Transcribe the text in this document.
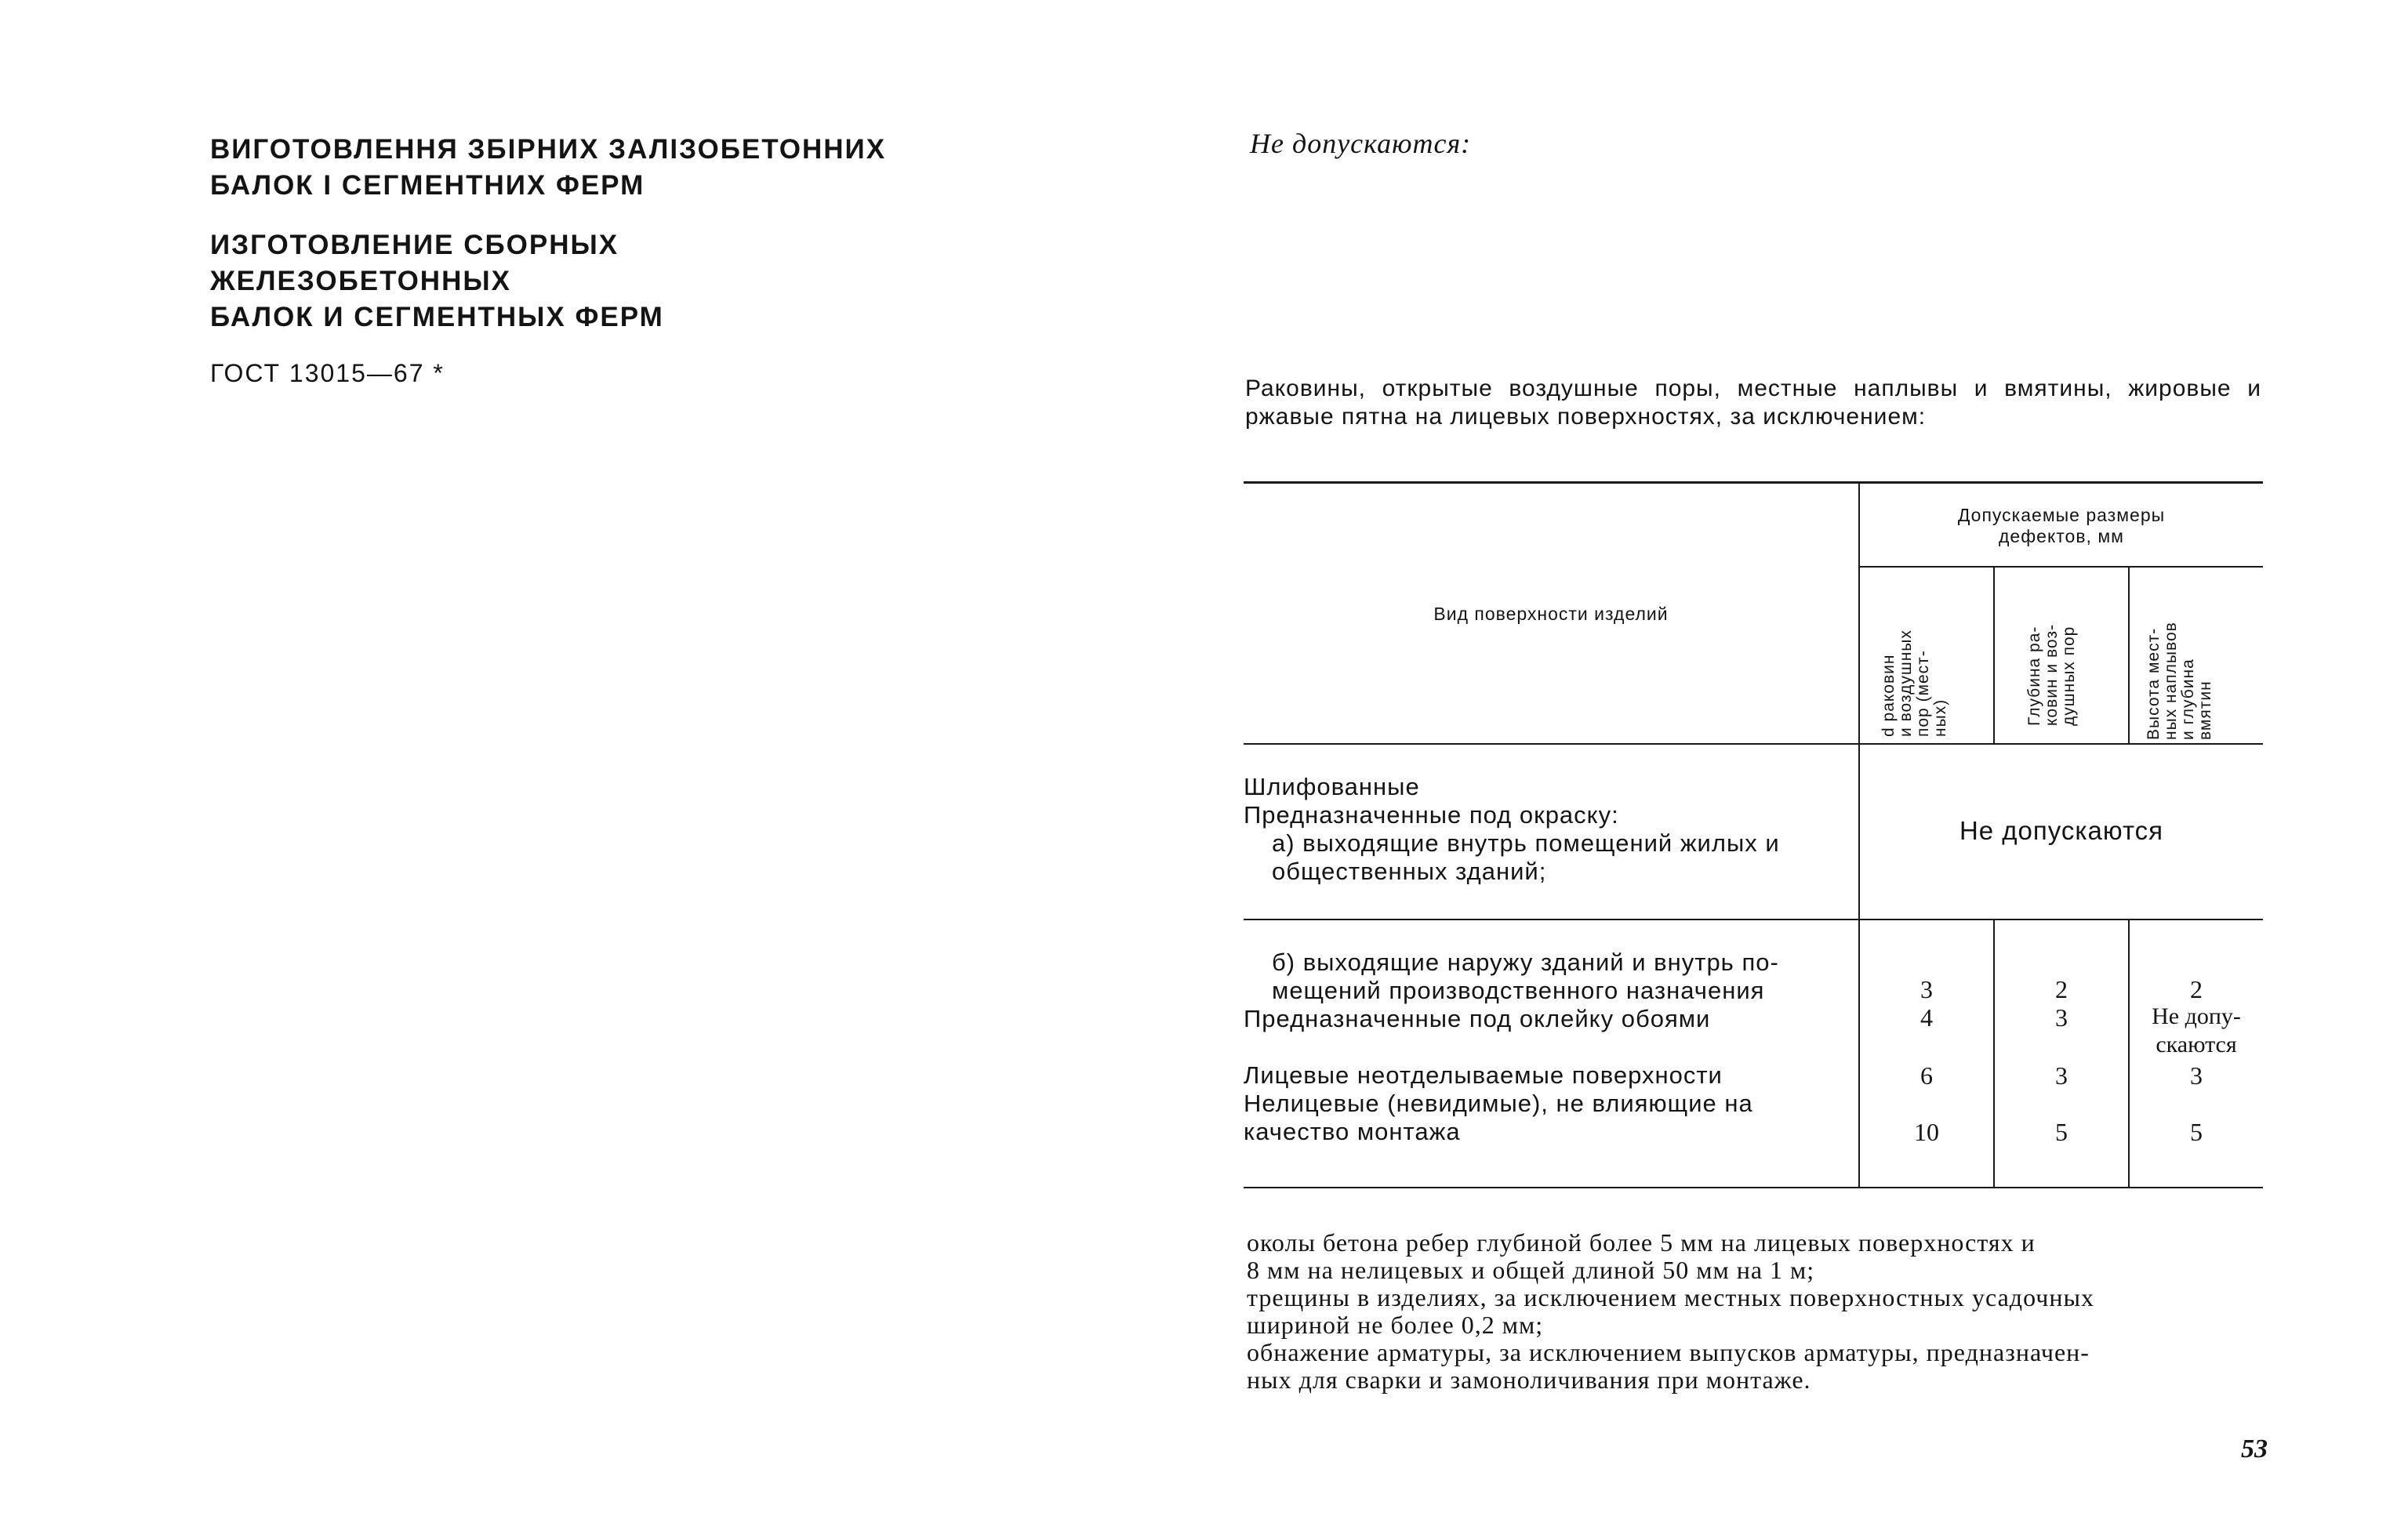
ВИГОТОВЛЕННЯ ЗБІРНИХ ЗАЛІЗОБЕТОННИХ
БАЛОК І СЕГМЕНТНИХ ФЕРМ
ИЗГОТОВЛЕНИЕ СБОРНЫХ ЖЕЛЕЗОБЕТОННЫХ
БАЛОК И СЕГМЕНТНЫХ ФЕРМ
ГОСТ 13015—67 *
Не допускаются:
Раковины, открытые воздушные поры, местные наплывы и вмятины, жировые и ржавые пятна на лицевых поверхностях, за исключением:
Вид поверхности изделий
Допускаемые размеры
дефектов, мм
d раковин
и воздушных
пор (мест-
ных)	Глубина ра-
ковин и воз-
душных пор
Высота мест-
ных наплывов
и глубина
вмятин
Шлифованные
Предназначенные под окраску:
а) выходящие внутрь помещений жилых и
общественных зданий;
Не допускаются
б) выходящие наружу зданий и внутрь по-
мещений производственного назначения
Предназначенные под оклейку обоями
Лицевые неотделываемые поверхности
Нелицевые (невидимые), не влияющие на
качество монтажа
3
4
6
10
2
3
3
5
2
Не допу-
скаются
3
5

околы бетона ребер глубиной более 5 мм на лицевых поверхностях и

8 мм на нелицевых и общей длиной 50 мм на 1 м;

трещины в изделиях, за исключением местных поверхностных усадочных

шириной не более 0,2 мм;

обнажение арматуры, за исключением выпусков арматуры, предназначен-

ных для сварки и замоноличивания при монтаже.

53
